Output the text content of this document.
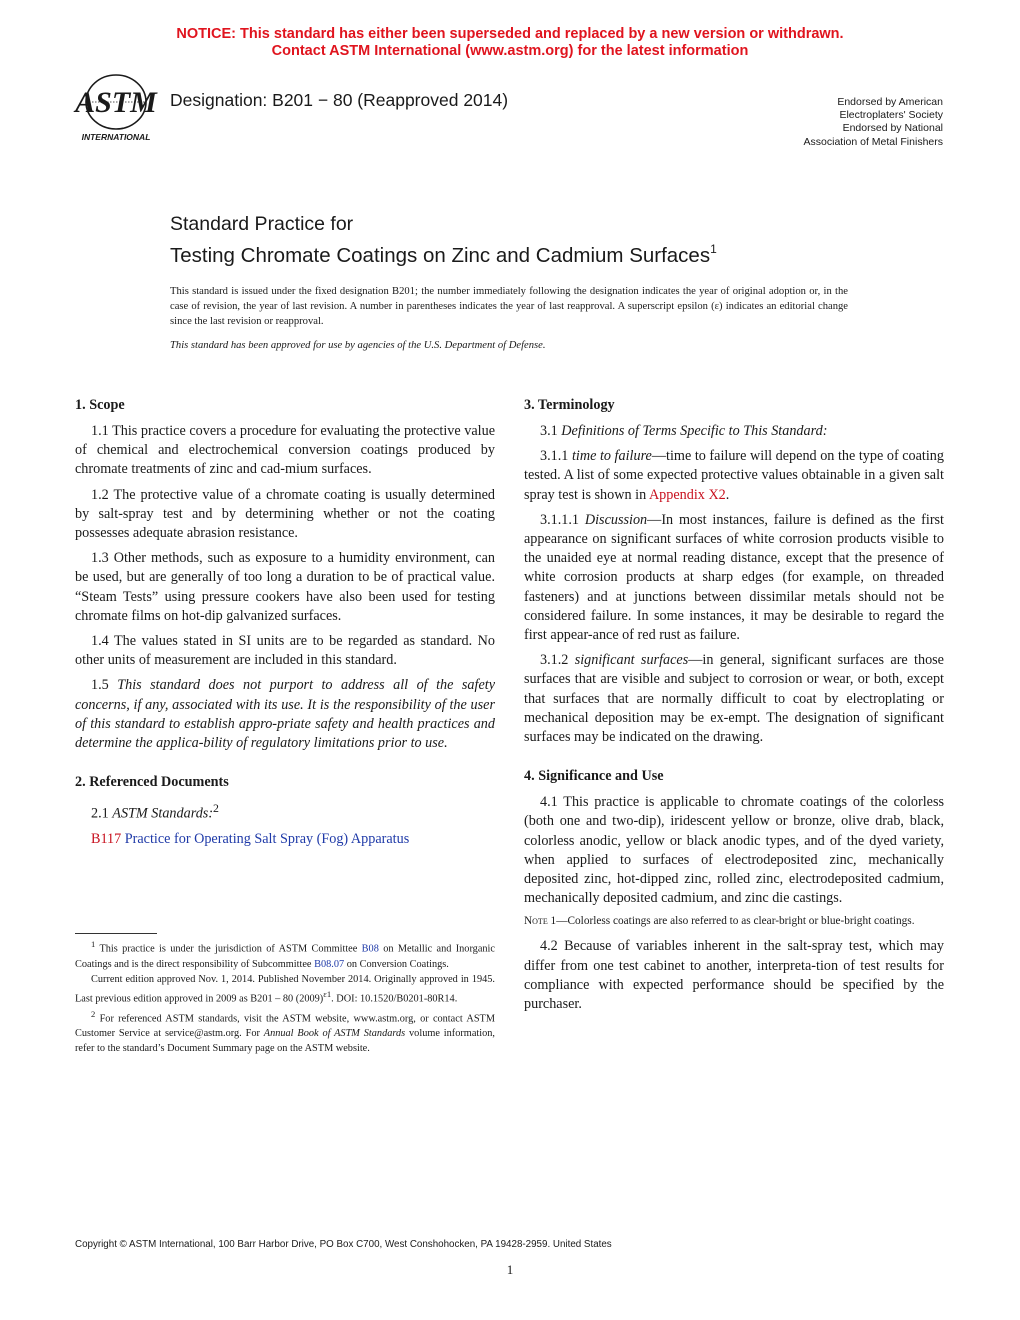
NOTICE: This standard has either been superseded and replaced by a new version or withdrawn.
Contact ASTM International (www.astm.org) for the latest information
ASTM
INTERNATIONAL
Designation: B201 − 80 (Reapproved 2014)	Endorsed by American
Electroplaters' Society
Endorsed by National
Association of Metal Finishers
Standard Practice for
Testing Chromate Coatings on Zinc and Cadmium Surfaces$^1$
This standard is issued under the fixed designation B201; the number immediately following the designation indicates the year of original adoption or, in the case of revision, the year of last revision. A number in parentheses indicates the year of last reapproval. A superscript epsilon (ε) indicates an editorial change since the last revision or reapproval.
This standard has been approved for use by agencies of the U.S. Department of Defense.
1. Scope

1.1 This practice covers a procedure for evaluating the protective value of chemical and electrochemical conversion coatings produced by chromate treatments of zinc and cad-mium surfaces.

1.2 The protective value of a chromate coating is usually determined by salt-spray test and by determining whether or not the coating possesses adequate abrasion resistance.

1.3 Other methods, such as exposure to a humidity environment, can be used, but are generally of too long a duration to be of practical value. “Steam Tests” using pressure cookers have also been used for testing chromate films on hot-dip galvanized surfaces.

1.4 The values stated in SI units are to be regarded as standard. No other units of measurement are included in this standard.

1.5 This standard does not purport to address all of the safety concerns, if any, associated with its use. It is the responsibility of the user of this standard to establish appro-priate safety and health practices and determine the applica-bility of regulatory limitations prior to use.

2. Referenced Documents

2.1 ASTM Standards:$^2$

B117 Practice for Operating Salt Spray (Fog) Apparatus

$^1$ This practice is under the jurisdiction of ASTM Committee B08 on Metallic and Inorganic Coatings and is the direct responsibility of Subcommittee B08.07 on Conversion Coatings.

Current edition approved Nov. 1, 2014. Published November 2014. Originally approved in 1945. Last previous edition approved in 2009 as B201 – 80 $(2009)^{\varepsilon 1}$. DOI: 10.1520/B0201-80R14.

$^2$ For referenced ASTM standards, visit the ASTM website, www.astm.org, or contact ASTM Customer Service at service@astm.org. For Annual Book of ASTM Standards volume information, refer to the standard’s Document Summary page on the ASTM website.

3. Terminology

3.1 Definitions of Terms Specific to This Standard:

3.1.1 time to failure—time to failure will depend on the type of coating tested. A list of some expected protective values obtainable in a given salt spray test is shown in Appendix X2.

3.1.1.1 Discussion—In most instances, failure is defined as the first appearance on significant surfaces of white corrosion products visible to the unaided eye at normal reading distance, except that the presence of white corrosion products at sharp edges (for example, on threaded fasteners) and at junctions between dissimilar metals should not be considered failure. In some instances, it may be desirable to regard the first appear-ance of red rust as failure.

3.1.2 significant surfaces—in general, significant surfaces are those surfaces that are visible and subject to corrosion or wear, or both, except that surfaces that are normally difficult to coat by electroplating or mechanical deposition may be ex-empt. The designation of significant surfaces may be indicated on the drawing.

4. Significance and Use

4.1 This practice is applicable to chromate coatings of the colorless (both one and two-dip), iridescent yellow or bronze, olive drab, black, colorless anodic, yellow or black anodic types, and of the dyed variety, when applied to surfaces of electrodeposited zinc, mechanically deposited zinc, hot-dipped zinc, rolled zinc, electrodeposited cadmium, mechanically deposited cadmium, and zinc die castings.

Note 1—Colorless coatings are also referred to as clear-bright or blue-bright coatings.

4.2 Because of variables inherent in the salt-spray test, which may differ from one test cabinet to another, interpreta-tion of test results for compliance with expected performance should be specified by the purchaser.

Copyright © ASTM International, 100 Barr Harbor Drive, PO Box C700, West Conshohocken, PA 19428-2959. United States
1
